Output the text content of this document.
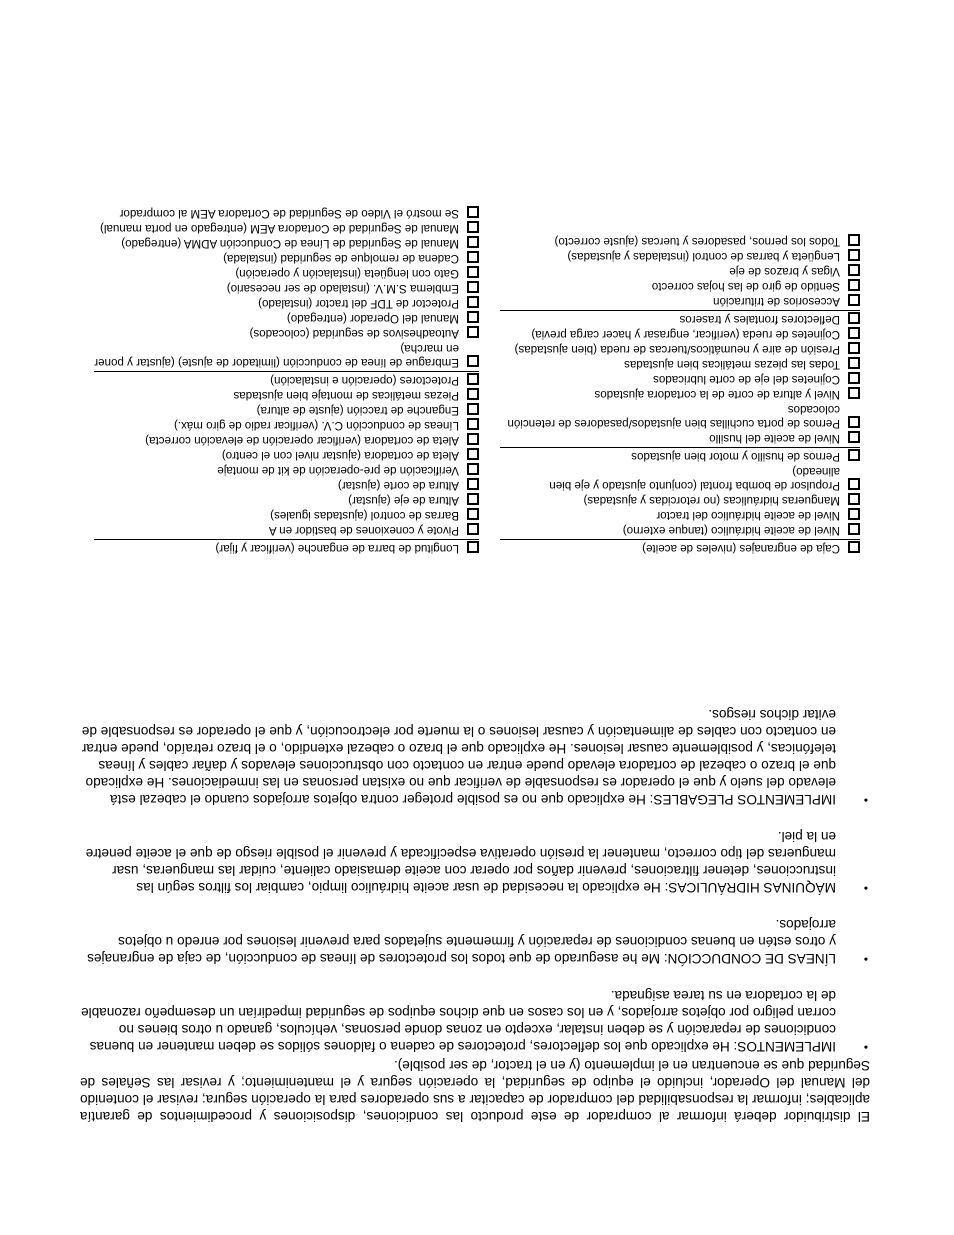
El distribuidor deberá informar al comprador de este producto las condiciones, disposiciones y procedimientos de garantía aplicables; informar la responsabilidad del comprador de capacitar a sus operadores para la operación segura; revisar el contenido del Manual del Operador, incluido el equipo de seguridad, la operación segura y el mantenimiento; y revisar las Señales de Seguridad que se encuentran en el implemento (y en el tractor, de ser posible).

•
IMPLEMENTOS: He explicado que los deflectores, protectores de cadena o faldones sólidos se deben mantener en buenas condiciones de reparación y se deben instalar, excepto en zonas donde personas, vehículos, ganado u otros bienes no corran peligro por objetos arrojados, y en los casos en que dichos equipos de seguridad impedirían un desempeño razonable de la cortadora en su tarea asignada.
•
LÍNEAS DE CONDUCCIÓN: Me he asegurado de que todos los protectores de líneas de conducción, de caja de engranajes y otros estén en buenas condiciones de reparación y firmemente sujetados para prevenir lesiones por enredo u objetos arrojados.
•
MÁQUINAS HIDRÁULICAS: He explicado la necesidad de usar aceite hidráulico limpio, cambiar los filtros según las instrucciones, detener filtraciones, prevenir daños por operar con aceite demasiado caliente, cuidar las mangueras, usar mangueras del tipo correcto, mantener la presión operativa especificada y prevenir el posible riesgo de que el aceite penetre en la piel.
•
IMPLEMENTOS PLEGABLES: He explicado que no es posible proteger contra objetos arrojados cuando el cabezal está elevado del suelo y que el operador es responsable de verificar que no existan personas en las inmediaciones. He explicado que el brazo o cabezal de cortadora elevado puede entrar en contacto con obstrucciones elevados y dañar cables y líneas telefónicas, y posiblemente causar lesiones. He explicado que el brazo o cabezal extendido, o el brazo retraído, puede entrar en contacto con cables de alimentación y causar lesiones o la muerte por electrocución, y que el operador es responsable de evitar dichos riesgos.
Caja de engranajes (niveles de aceite)
Nivel de aceite hidráulico (tanque externo)
Nivel de aceite hidráulico del tractor
Mangueras hidráulicas (no retorcidas y ajustadas)
Propulsor de bomba frontal (conjunto ajustado y eje bien alineado)
Pernos de husillo y motor bien ajustados
Nivel de aceite del husillo
Pernos de porta cuchillas bien ajustados/pasadores de retención colocados
Nivel y altura de corte de la cortadora ajustados
Cojinetes del eje de corte lubricados
Todas las piezas metálicas bien ajustadas
Presión de aire y neumáticos/tuercas de rueda (bien ajustadas)
Cojinetes de rueda (verificar, engrasar y hacer carga previa)
Deflectores frontales y traseros
Accesorios de trituración
Sentido de giro de las hojas correcto
Vigas y brazos de eje
Lengüeta y barras de control (instaladas y ajustadas)
Todos los pernos, pasadores y tuercas (ajuste correcto)
Longitud de barra de enganche (verificar y fijar)
Pivote y conexiones de bastidor en A
Barras de control (ajustadas iguales)
Altura de eje (ajustar)
Altura de corte (ajustar)
Verificación de pre-operación de kit de montaje
Aleta de cortadora (ajustar nivel con el centro)
Aleta de cortadora (verificar operación de elevación correcta)
Líneas de conducción C.V. (verificar radio de giro máx.)
Enganche de tracción (ajuste de altura)
Piezas metálicas de montaje bien ajustadas
Protectores (operación e instalación)
Embrague de línea de conducción (limitador de ajuste) (ajustar y poner en marcha)
Autoadhesivos de seguridad (colocados)
Manual del Operador (entregado)
Protector de TDF del tractor (instalado)
Emblema S.M.V. (instalado de ser necesario)
Gato con lengüeta (instalación y operación)
Cadena de remolque de seguridad (instalada)
Manual de Seguridad de Línea de Conducción ADMA (entregado)
Manual de Seguridad de Cortadora AEM (entregado en porta manual)
Se mostró el Video de Seguridad de Cortadora AEM al comprador
